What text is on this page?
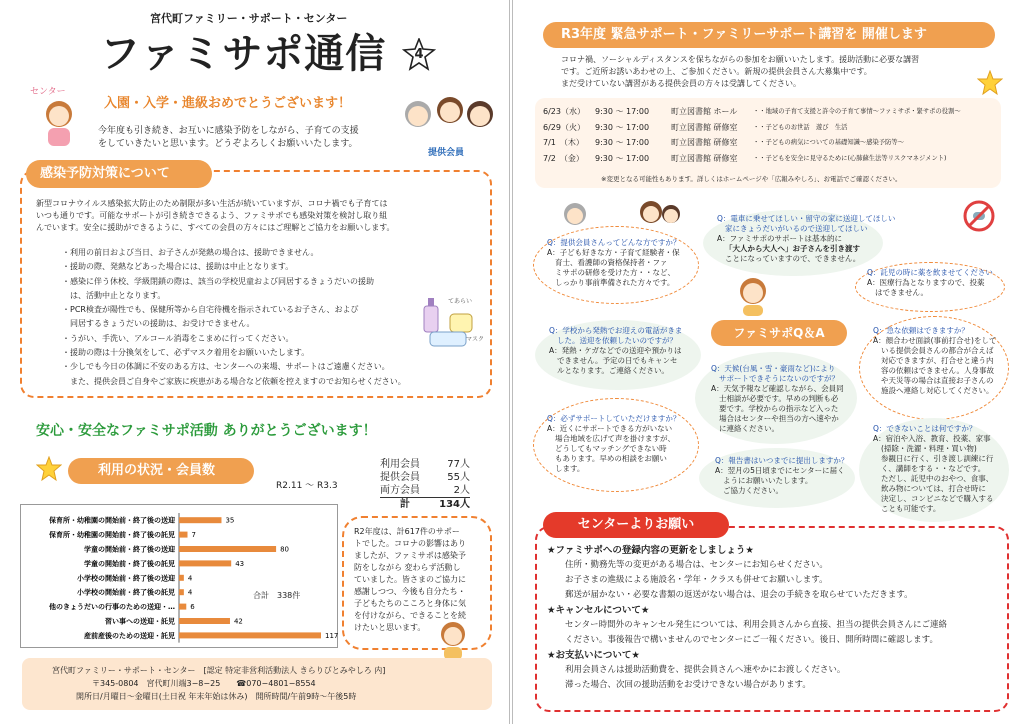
宮代町ファミリー・サポート・センター
ファミサポ通信	4
センター
入園・入学・進級おめでとうございます！
今年度も引き続き、お互いに感染予防をしながら、子育ての支援
をしていきたいと思います。どうぞよろしくお願いいたします。
提供会員
感染予防対策について
新型コロナウイルス感染拡大防止のため制限が多い生活が続いていますが、コロナ禍でも子育ては
いつも通りです。可能なサポートが引き続きできるよう、ファミサポでも感染対策を検討し取り組
んでいます。安全に援助ができるように、すべての会員の方々にはご理解とご協力をお願いします。
・利用の前日および当日、お子さんが発熱の場合は、援助できません。
・援助の際、発熱などあった場合には、援助は中止となります。
・感染に伴う休校、学級閉鎖の際は、該当の学校児童および同居するきょうだいの援助
　は、活動中止となります。
・PCR検査が陽性でも、保健所等から自宅待機を指示されているお子さん、および
　同居するきょうだいの援助は、お受けできません。
・うがい、手洗い、アルコール消毒をこまめに行ってください。
・援助の際は十分換気をして、必ずマスク着用をお願いいたします。
・少しでも今日の体調に不安のある方は、センターへの来場、サポートはご遠慮ください。
　また、提供会員ご自身やご家族に疾患がある場合など依頼を控えますのでお知らせください。
てあらい
マスク
安心・安全なファミサポ活動 ありがとうございます！
利用の状況・会員数
R2.11 〜 R3.3
利用会員	77人
提供会員	55人
両方会員	2人
計	134人
保育所・幼稚園の開始前・終了後の送迎	35
保育所・幼稚園の開始前・終了後の託児 7
学童の開始前・終了後の送迎	80
学童の開始前・終了後の託児	43
小学校の開始前・終了後の送迎 4
小学校の開始前・終了後の託児 4
他のきょうだいの行事のための送迎・… 6
習い事への送迎・託児	42
産前産後のための送迎・託児	117
合計　 338件
R2年度は、計617件のサポー
トでした。コロナの影響はあり
ましたが、ファミサポは感染予
防をしながら 変わらず活動し
ていました。皆さまのご協力に
感謝しつつ、今後も自分たち・
子どもたちのこころと身体に気
を付けながら、できることを続
けたいと思います。
宮代町ファミリー・サポート・センター　[認定 特定非営利活動法人 きらりびとみやしろ 内]
〒345-0804　宮代町川端3−8−25　　 ☎070−4801−8554
開所日/月曜日〜金曜日(土日祝 年末年始は休み)　開所時間/午前9時〜午後5時
R3年度 緊急サポート・ファミリーサポート講習を 開催します
コロナ禍、ソーシャルディスタンスを保ちながらの参加をお願いいたします。援助活動に必要な講習
です。ご近所お誘いあわせの上、ご参加ください。新規の提供会員さん大募集中です。
まだ受けていない講習がある提供会員の方々は受講してください。
6/23（水）	9:30 〜 17:00	町立図書館 ホール	・・地域の子育て支援と許令の子育て事情〜ファミサポ・緊サポの役割〜
6/29（火）	9:30 〜 17:00	町立図書館 研修室	・・子どものお世話　遊び　生活
7/1　（木）	9:30 〜 17:00	町立図書館 研修室	・・子どもの病気についての基礎知識〜感染予防等〜
7/2　（金）	9:30 〜 17:00	町立図書館 研修室	・・子どもを安全に見守るために(心肺蘇生法等リスクマネジメント)
※変更となる可能性もあります。詳しくはホームページや「広報みやしろ」、お電話でご確認ください。
Q：提供会員さんってどんな方ですか？
A：子ども好きな方・子育て経験者・保
育士、看護師の資格保持者・ファ
ミサポの研修を受けた方・・など、
しっかり事前準備された方々です。
Q：電車に乗せてほしい・留守の家に送迎してほしい
家にきょうだいがいるので送迎してほしい
A：ファミサポのサポートは基本的に
「大人から大人へ」お子さんを引き渡す
ことになっていますので、できません。
Q：託児の時に薬を飲ませてください
A：医療行為となりますので、投薬
はできません。
ファミサポQ＆A
Q：学校から発熱でお迎えの電話がきま
した。送迎を依頼したいのですが？
A：発熱・ケガなどでの送迎や預かりは
できません。予定の日でもキャンセ
ルとなります。ご連絡ください。	Q：天候(台風・雪・豪雨など)により
サポートできそうにないのですが？
A：天気予報など確認しながら、会員同
士相談が必要です。早めの判断も必
要です。学校からの指示など入った
場合はセンターや担当の方へ速やか
に連絡ください。
Q：急な依頼はできますか？
A：顔合わせ面談(事前打合せ)をして
いる提供会員さんの都合が合えば
対応できますが、打合せと違う内
容の依頼はできません。人身事故
や天災等の場合は直接お子さんの
施設へ連絡し対応してください。
Q：必ずサポートしていただけますか？
A：近くにサポートできる方がいない
場合地域を広げて声を掛けますが、
どうしてもマッチングできない時
もあります。早めの相談をお願い
します。
Q：報告書はいつまでに提出しますか？
A：翌月の5日頃までにセンターに届く
ようにお願いいたします。
ご協力ください。
Q：できないことは何ですか？
A：宿泊や入浴、教育、投薬、家事
(掃除・洗濯・料理・買い物)
参観日に行く、引き渡し訓練に行
く、講師をする・・などです。
ただし、託児中のおやつ、食事、
飲み物については、打合せ時に
決定し、コンビニなどで購入する
ことも可能です。
センターよりお願い
★ファミサポへの登録内容の更新をしましょう★
住所・勤務先等の変更がある場合は、センターにお知らせください。
お子さまの進級による施設名・学年・クラスも併せてお願いします。
郵送が届かない・必要な書類の返送がない場合は、退会の手続きを取らせていただきます。
★キャンセルについて★
センター時間外のキャンセル発生については、利用会員さんから直接、担当の提供会員さんにご連絡
ください。事後報告で構いませんのでセンターにご一報ください。後日、開所時間に確認します。
★お支払いについて★
利用会員さんは援助活動費を、提供会員さんへ速やかにお渡しください。
滞った場合、次回の援助活動をお受けできない場合があります。
